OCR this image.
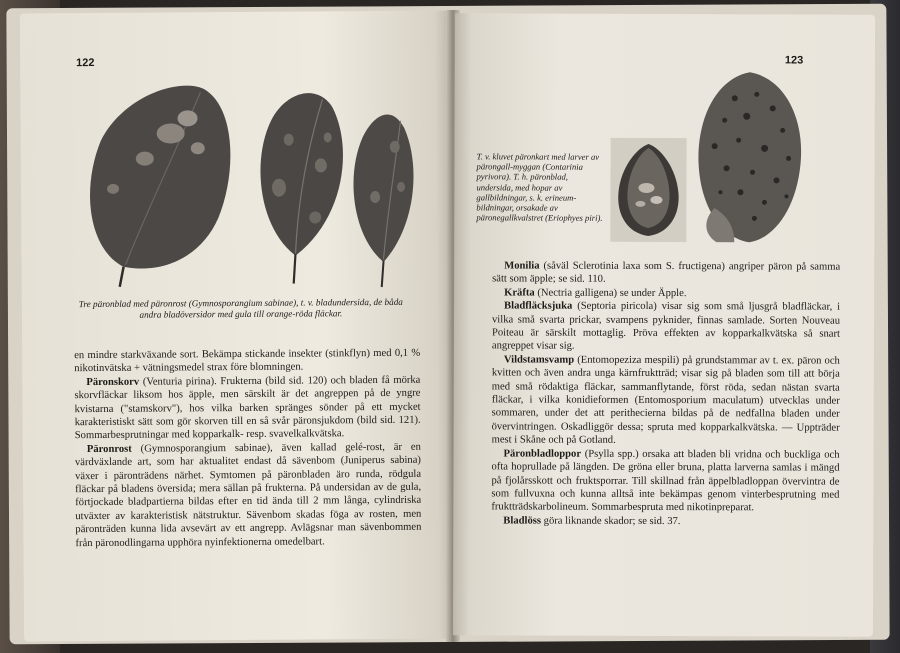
122
Tre päronblad med päronrost (Gymnosporangium sabinae), t. v. bladundersida, de båda andra bladöversidor med gula till orange-röda fläckar.

en mindre starkväxande sort. Bekämpa stickande insekter (stinkflyn) med 0,1 % nikotinvätska + vätningsmedel strax före blomningen.

Päronskorv (Venturia pirina). Frukterna (bild sid. 120) och bladen få mörka skorvfläckar liksom hos äpple, men särskilt är det angreppen på de yngre kvistarna ("stamskorv"), hos vilka barken spränges sönder på ett mycket karakteristiskt sätt som gör skorven till en så svår päronsjukdom (bild sid. 121). Sommarbesprutningar med kopparkalk- resp. svavelkalkvätska.

Päronrost (Gymnosporangium sabinae), även kallad gelé-rost, är en värdväxlande art, som har aktualitet endast då sävenbom (Juniperus sabina) växer i päronträdens närhet. Symtomen på päronbladen äro runda, rödgula fläckar på bladens översida; mera sällan på frukterna. På undersidan av de gula, förtjockade bladpartierna bildas efter en tid ända till 2 mm långa, cylindriska utväxter av karakteristisk nätstruktur. Sävenbom skadas föga av rosten, men päronträden kunna lida avsevärt av ett angrepp. Avlägsnar man sävenbommen från päronodlingarna upphöra nyinfektionerna omedelbart.

123
T. v. kluvet päronkart med larver av pärongall-myggan (Contarinia pyrivora). T. h. päronblad, undersida, med hopar av gallbildningar, s. k. erineum-bildningar, orsakade av päronegallkvalstret (Eriophyes piri).

Monilia (såväl Sclerotinia laxa som S. fructigena) angriper päron på samma sätt som äpple; se sid. 110.

Kräfta (Nectria galligena) se under Äpple.

Bladfläcksjuka (Septoria piricola) visar sig som små ljusgrå bladfläckar, i vilka små svarta prickar, svampens pyknider, finnas samlade. Sorten Nouveau Poiteau är särskilt mottaglig. Pröva effekten av kopparkalkvätska så snart angreppet visar sig.

Vildstamsvamp (Entomopeziza mespili) på grundstammar av t. ex. päron och kvitten och även andra unga kärnfruktträd; visar sig på bladen som till att börja med små rödaktiga fläckar, sammanflytande, först röda, sedan nästan svarta fläckar, i vilka konidieformen (Entomosporium maculatum) utvecklas under sommaren, under det att perithecierna bildas på de nedfallna bladen under övervintringen. Oskadliggör dessa; spruta med kopparkalkvätska. — Uppträder mest i Skåne och på Gotland.

Päronbladloppor (Psylla spp.) orsaka att bladen bli vridna och buckliga och ofta hoprullade på längden. De gröna eller bruna, platta larverna samlas i mängd på fjolårsskott och fruktsporrar. Till skillnad från äppelbladloppan övervintra de som fullvuxna och kunna alltså inte bekämpas genom vinterbesprutning med fruktträdskarbolineum. Sommarbespruta med nikotinpreparat.

Bladlöss göra liknande skador; se sid. 37.
